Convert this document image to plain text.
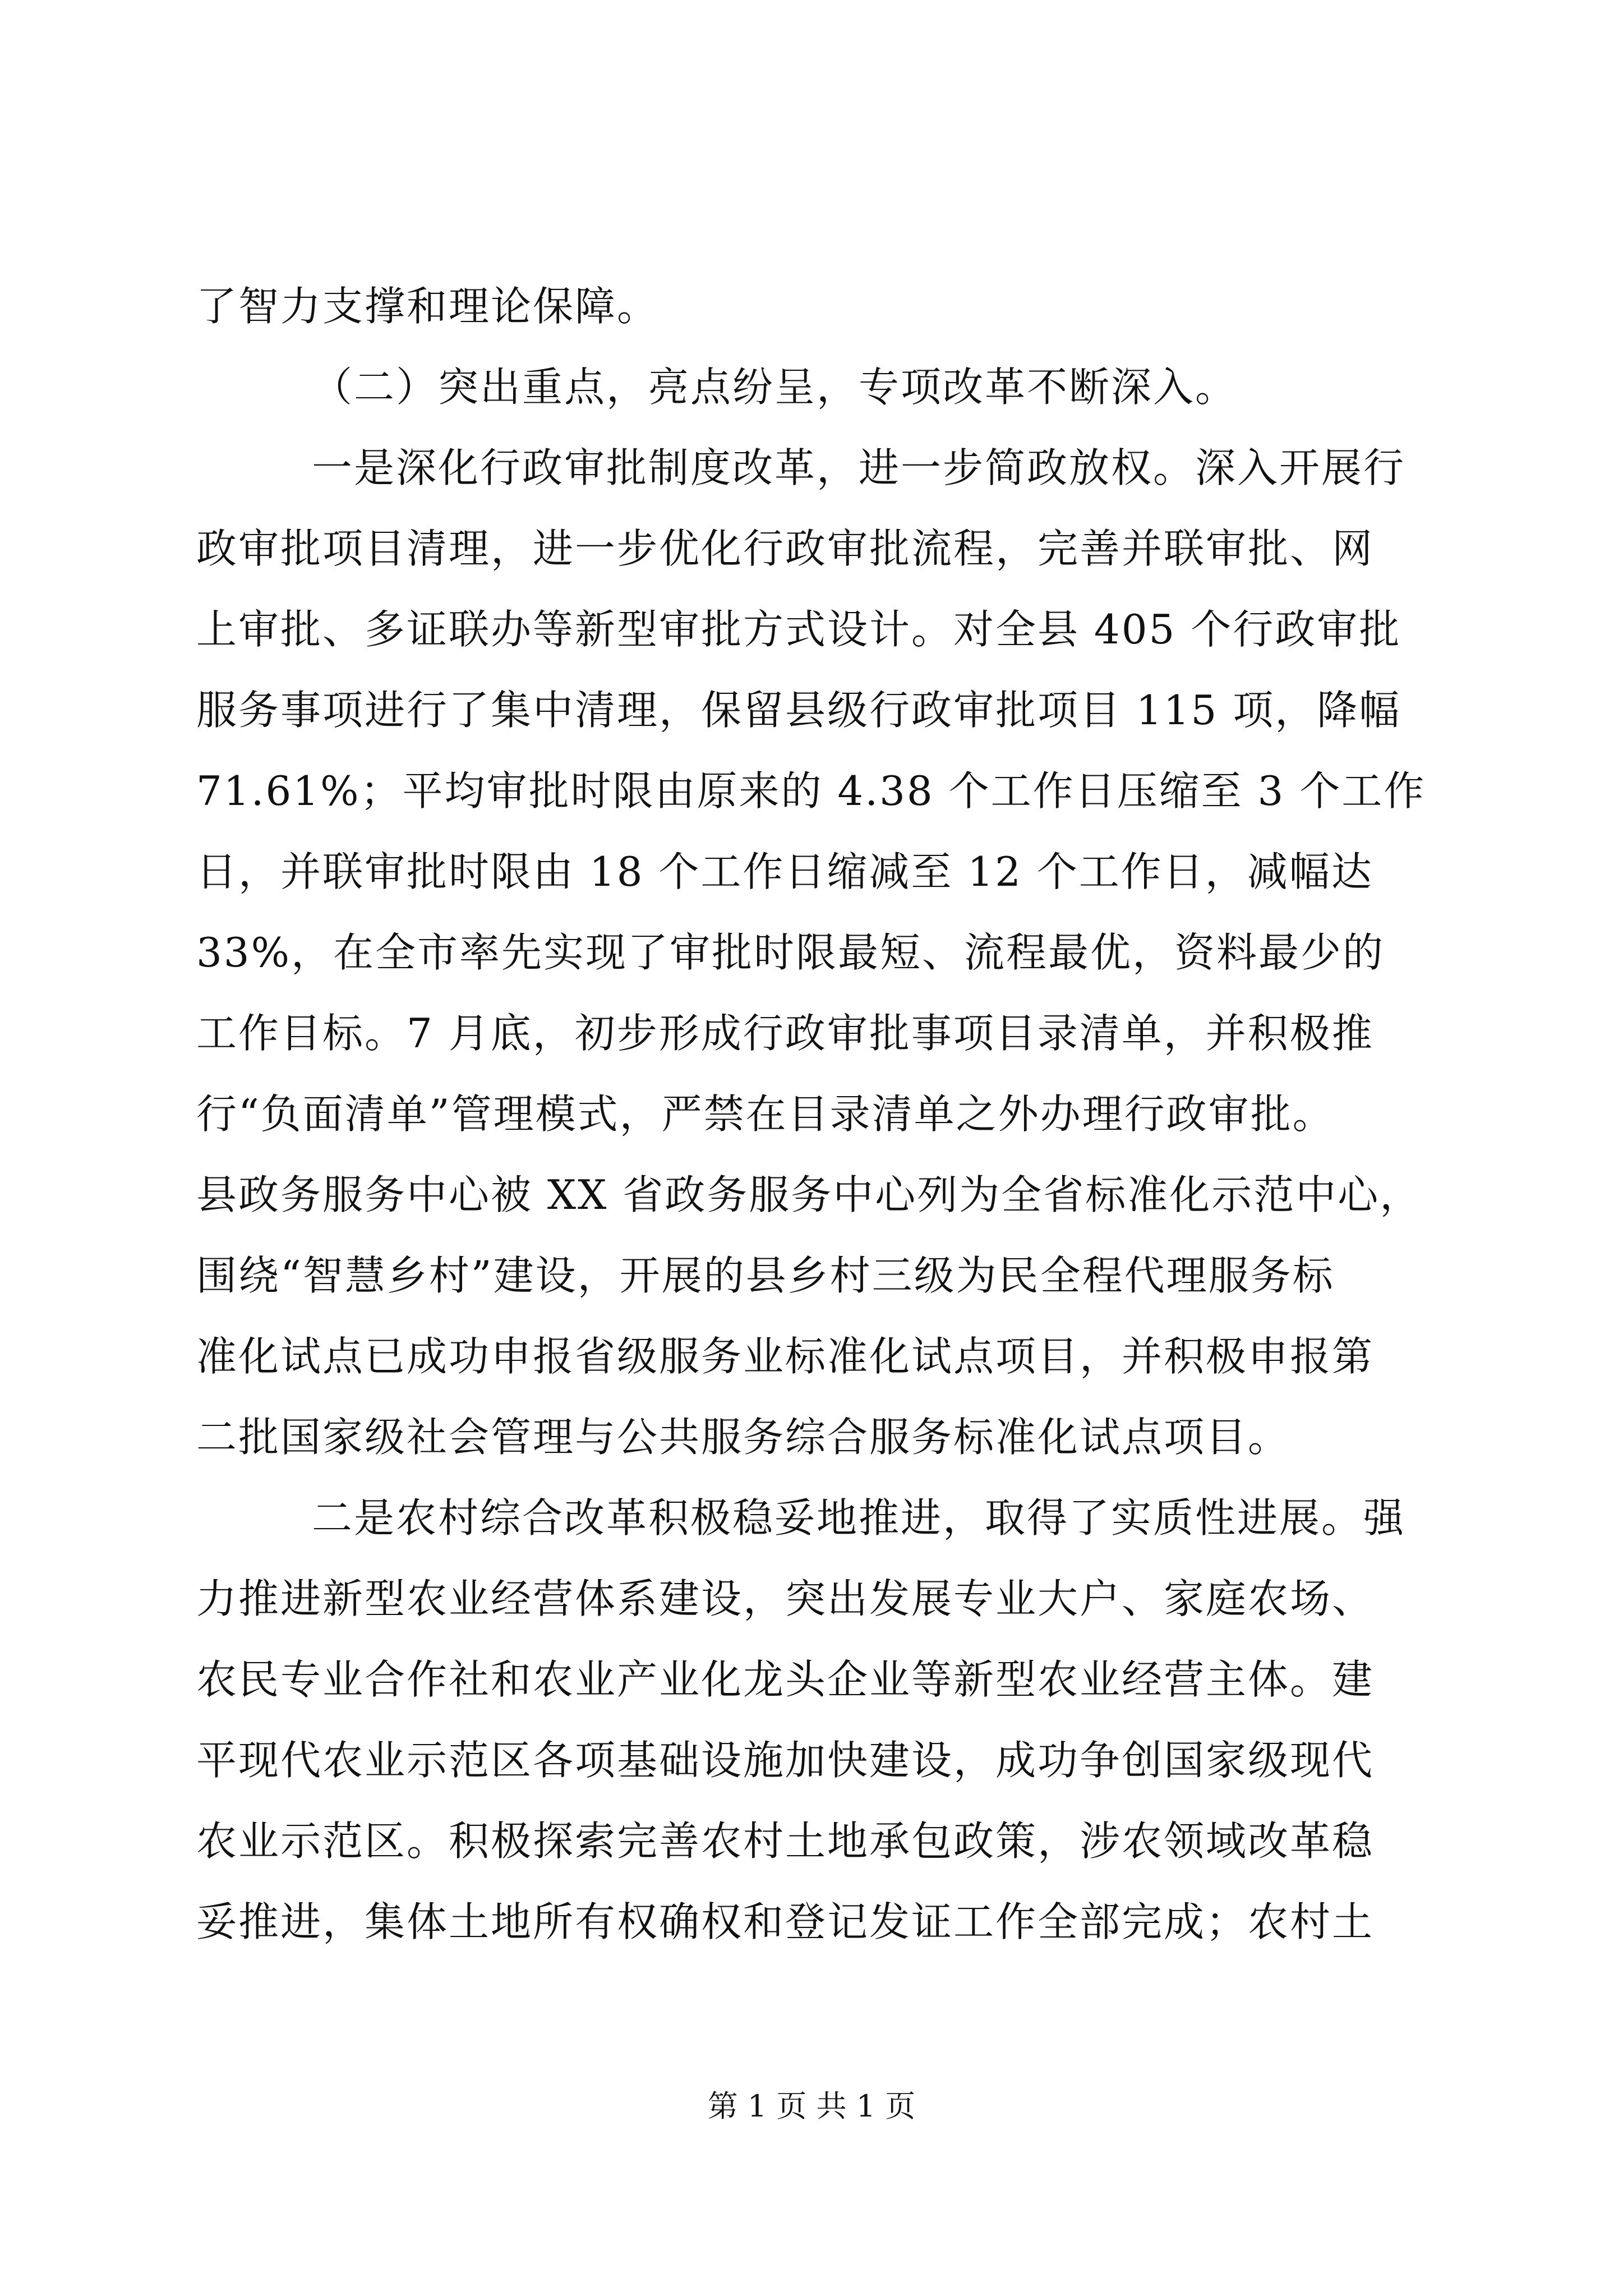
了智力支撑和理论保障。
（二）突出重点，亮点纷呈，专项改革不断深入。
一是深化行政审批制度改革，进一步简政放权。深入开展行
政审批项目清理，进一步优化行政审批流程，完善并联审批、网
上审批、多证联办等新型审批方式设计。对全县 405 个行政审批
服务事项进行了集中清理，保留县级行政审批项目 115 项，降幅
71.61%；平均审批时限由原来的 4.38 个工作日压缩至 3 个工作
日，并联审批时限由 18 个工作日缩减至 12 个工作日，减幅达
33%，在全市率先实现了审批时限最短、流程最优，资料最少的
工作目标。7 月底，初步形成行政审批事项目录清单，并积极推
行“负面清单”管理模式，严禁在目录清单之外办理行政审批。
县政务服务中心被 XX 省政务服务中心列为全省标准化示范中心，
围绕“智慧乡村”建设，开展的县乡村三级为民全程代理服务标
准化试点已成功申报省级服务业标准化试点项目，并积极申报第
二批国家级社会管理与公共服务综合服务标准化试点项目。
二是农村综合改革积极稳妥地推进，取得了实质性进展。强
力推进新型农业经营体系建设，突出发展专业大户、家庭农场、
农民专业合作社和农业产业化龙头企业等新型农业经营主体。建
平现代农业示范区各项基础设施加快建设，成功争创国家级现代
农业示范区。积极探索完善农村土地承包政策，涉农领域改革稳
妥推进，集体土地所有权确权和登记发证工作全部完成；农村土
第 1 页 共 1 页
